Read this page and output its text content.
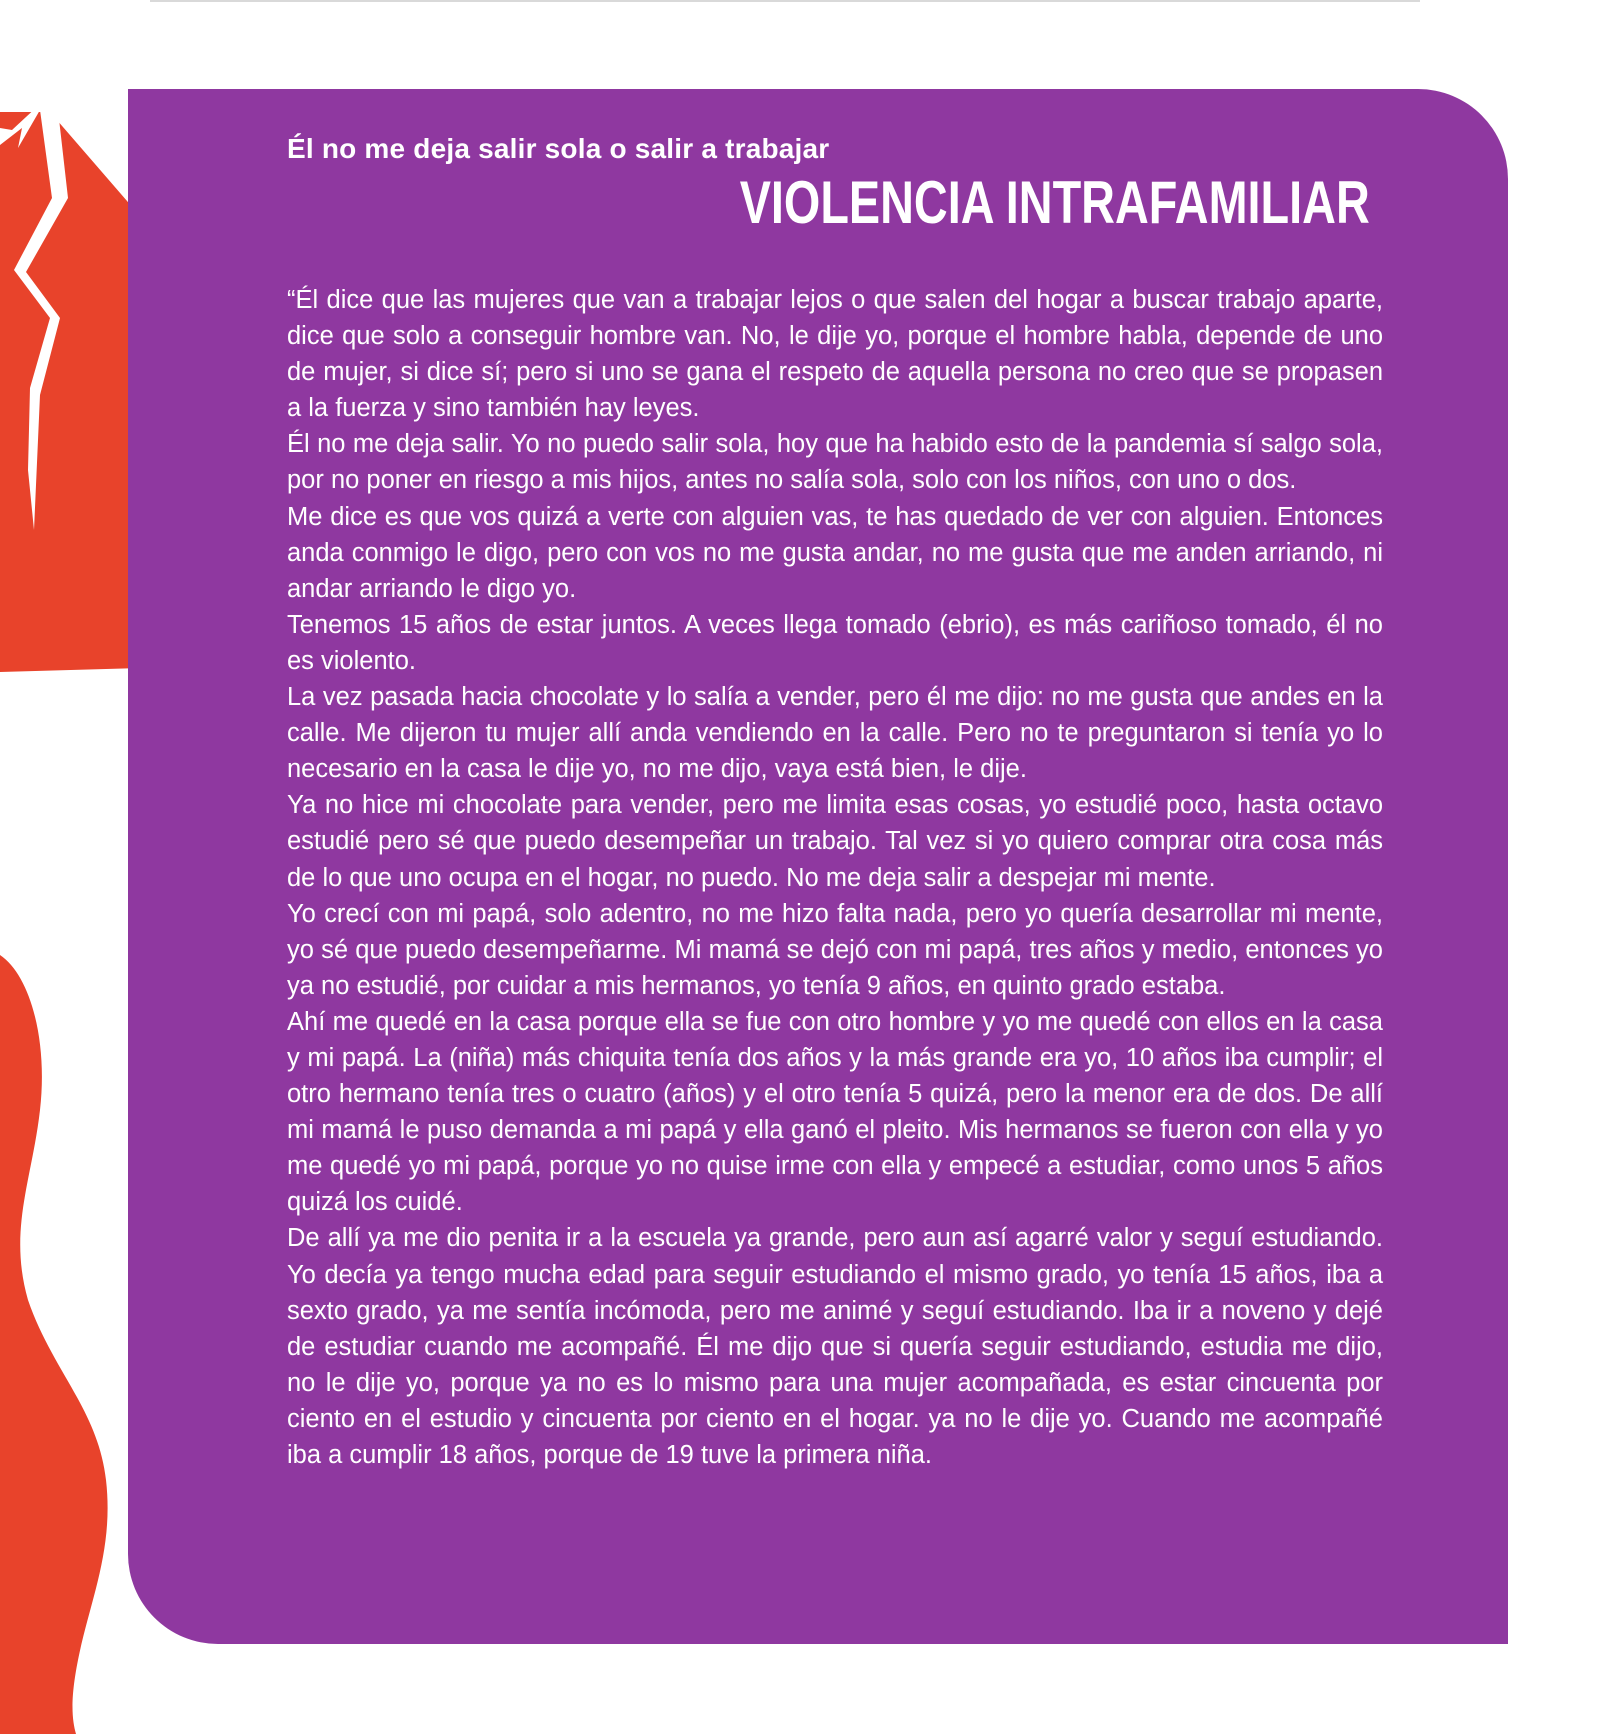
Él no me deja salir sola o salir a trabajar
VIOLENCIA INTRAFAMILIAR

“Él dice que las mujeres que van a trabajar lejos o que salen del hogar a buscar trabajo aparte, dice que solo a conseguir hombre van. No, le dije yo, porque el hombre habla, depende de uno de mujer, si dice sí; pero si uno se gana el respeto de aquella persona no creo que se propasen a la fuerza y sino también hay leyes.

Él no me deja salir. Yo no puedo salir sola, hoy que ha habido esto de la pandemia sí salgo sola, por no poner en riesgo a mis hijos, antes no salía sola, solo con los niños, con uno o dos.

Me dice es que vos quizá a verte con alguien vas, te has quedado de ver con alguien. Entonces anda conmigo le digo, pero con vos no me gusta andar, no me gusta que me anden arriando, ni andar arriando le digo yo.

Tenemos 15 años de estar juntos. A veces llega tomado (ebrio), es más cariñoso tomado, él no es violento.

La vez pasada hacia chocolate y lo salía a vender, pero él me dijo: no me gusta que andes en la calle. Me dijeron tu mujer allí anda vendiendo en la calle. Pero no te preguntaron si tenía yo lo necesario en la casa le dije yo, no me dijo, vaya está bien, le dije.

Ya no hice mi chocolate para vender, pero me limita esas cosas, yo estudié poco, hasta octavo estudié pero sé que puedo desempeñar un trabajo. Tal vez si yo quiero comprar otra cosa más de lo que uno ocupa en el hogar, no puedo. No me deja salir a despejar mi mente.

Yo crecí con mi papá, solo adentro, no me hizo falta nada, pero yo quería desarrollar mi mente, yo sé que puedo desempeñarme. Mi mamá se dejó con mi papá, tres años y medio, entonces yo ya no estudié, por cuidar a mis hermanos, yo tenía 9 años, en quinto grado estaba.

Ahí me quedé en la casa porque ella se fue con otro hombre y yo me quedé con ellos en la casa y mi papá. La (niña) más chiquita tenía dos años y la más grande era yo, 10 años iba cumplir; el otro hermano tenía tres o cuatro (años) y el otro tenía 5 quizá, pero la menor era de dos. De allí mi mamá le puso demanda a mi papá y ella ganó el pleito. Mis hermanos se fueron con ella y yo me quedé yo mi papá, porque yo no quise irme con ella y empecé a estudiar, como unos 5 años quizá los cuidé.

De allí ya me dio penita ir a la escuela ya grande, pero aun así agarré valor y seguí estudiando. Yo decía ya tengo mucha edad para seguir estudiando el mismo grado, yo tenía 15 años, iba a sexto grado, ya me sentía incómoda, pero me animé y seguí estudiando. Iba ir a noveno y dejé de estudiar cuando me acompañé. Él me dijo que si quería seguir estudiando, estudia me dijo, no le dije yo, porque ya no es lo mismo para una mujer acompañada, es estar cincuenta por ciento en el estudio y cincuenta por ciento en el hogar. ya no le dije yo. Cuando me acompañé iba a cumplir 18 años, porque de 19 tuve la primera niña.
